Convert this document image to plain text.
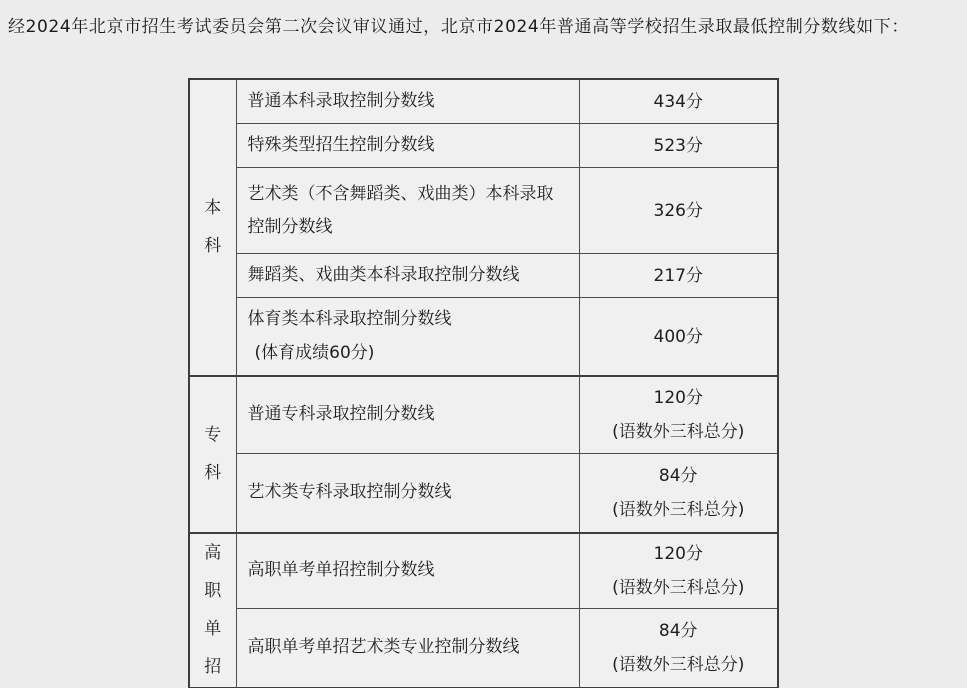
经2024年北京市招生考试委员会第二次会议审议通过，北京市2024年普通高等学校招生录取最低控制分数线如下：
本科	普通本科录取控制分数线	434分

	特殊类型招生控制分数线	523分

	艺术类（不含舞蹈类、戏曲类）本科录取控制分数线	326分

	舞蹈类、戏曲类本科录取控制分数线	217分

	体育类本科录取控制分数线
(体育成绩60分)	400分

专科	普通专科录取控制分数线	120分
(语数外三科总分)

	艺术类专科录取控制分数线	84分
(语数外三科总分)

高职单招	高职单考单招控制分数线	120分
(语数外三科总分)

	高职单考单招艺术类专业控制分数线	84分
(语数外三科总分)
